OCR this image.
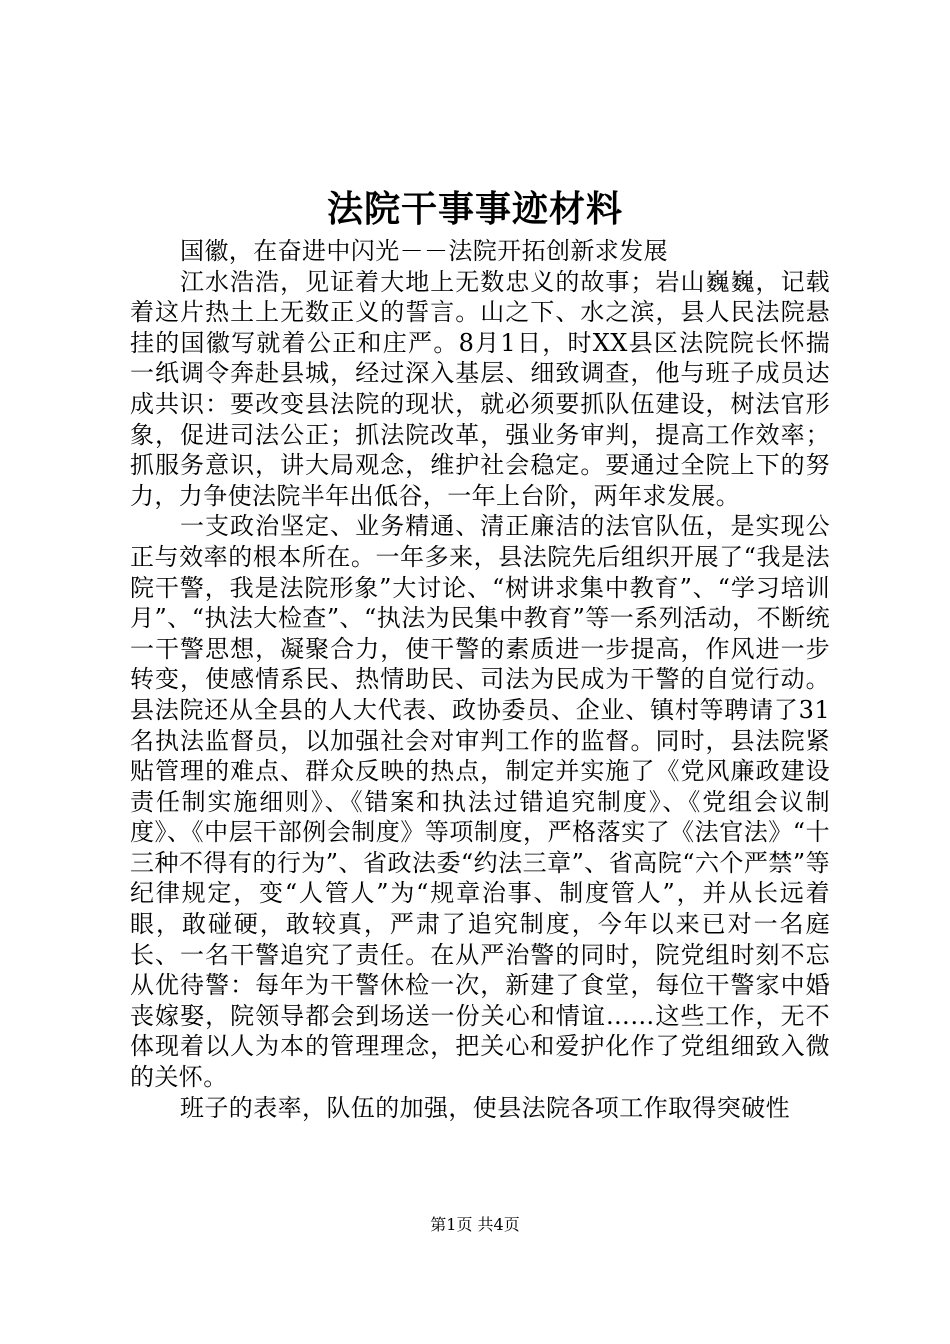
法院干事事迹材料

国徽，在奋进中闪光－－法院开拓创新求发展

江水浩浩，见证着大地上无数忠义的故事；岩山巍巍，记载着这片热土上无数正义的誓言。山之下、水之滨，县人民法院悬挂的国徽写就着公正和庄严。8月1日，时XX县区法院院长怀揣一纸调令奔赴县城，经过深入基层、细致调查，他与班子成员达成共识：要改变县法院的现状，就必须要抓队伍建设，树法官形象，促进司法公正；抓法院改革，强业务审判，提高工作效率；抓服务意识，讲大局观念，维护社会稳定。要通过全院上下的努力，力争使法院半年出低谷，一年上台阶，两年求发展。

一支政治坚定、业务精通、清正廉洁的法官队伍，是实现公正与效率的根本所在。一年多来，县法院先后组织开展了“我是法院干警，我是法院形象”大讨论、“树讲求集中教育”、“学习培训月”、“执法大检查”、“执法为民集中教育”等一系列活动，不断统一干警思想，凝聚合力，使干警的素质进一步提高，作风进一步转变，使感情系民、热情助民、司法为民成为干警的自觉行动。县法院还从全县的人大代表、政协委员、企业、镇村等聘请了31名执法监督员，以加强社会对审判工作的监督。同时，县法院紧贴管理的难点、群众反映的热点，制定并实施了《党风廉政建设责任制实施细则》、《错案和执法过错追究制度》、《党组会议制度》、《中层干部例会制度》等项制度，严格落实了《法官法》“十三种不得有的行为”、省政法委“约法三章”、省高院“六个严禁”等纪律规定，变“人管人”为“规章治事、制度管人”，并从长远着眼，敢碰硬，敢较真，严肃了追究制度，今年以来已对一名庭长、一名干警追究了责任。在从严治警的同时，院党组时刻不忘从优待警：每年为干警休检一次，新建了食堂，每位干警家中婚丧嫁娶，院领导都会到场送一份关心和情谊……这些工作，无不体现着以人为本的管理理念，把关心和爱护化作了党组细致入微的关怀。

班子的表率，队伍的加强，使县法院各项工作取得突破性

第1页 共4页
